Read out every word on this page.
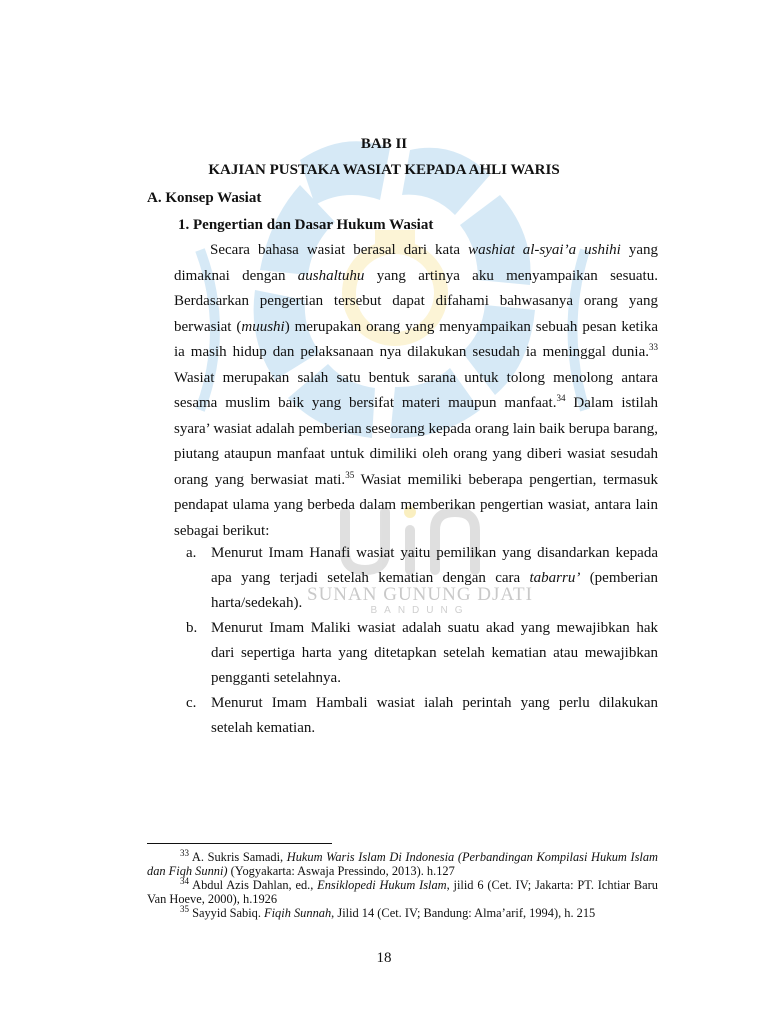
SUNAN GUNUNG DJATI
BANDUNG

BAB II

KAJIAN PUSTAKA WASIAT KEPADA AHLI WARIS

A. Konsep Wasiat

1. Pengertian dan Dasar Hukum Wasiat

Secara bahasa wasiat berasal dari kata washiat al-syai’a ushihi yang dimaknai dengan aushaltuhu yang artinya aku menyampaikan sesuatu. Berdasarkan pengertian tersebut dapat difahami bahwasanya orang yang berwasiat (muushi) merupakan orang yang menyampaikan sebuah pesan ketika ia masih hidup dan pelaksanaan nya dilakukan sesudah ia meninggal dunia.$^{33}$ Wasiat merupakan salah satu bentuk sarana untuk tolong menolong antara sesama muslim baik yang bersifat materi maupun manfaat.$^{34}$ Dalam istilah syara’ wasiat adalah pemberian seseorang kepada orang lain baik berupa barang, piutang ataupun manfaat untuk dimiliki oleh orang yang diberi wasiat sesudah orang yang berwasiat mati.$^{35}$ Wasiat memiliki beberapa pengertian, termasuk pendapat ulama yang berbeda dalam memberikan pengertian wasiat, antara lain sebagai berikut:

a. Menurut Imam Hanafi wasiat yaitu pemilikan yang disandarkan kepada apa yang terjadi setelah kematian dengan cara tabarru’ (pemberian harta/sedekah).
b. Menurut Imam Maliki wasiat adalah suatu akad yang mewajibkan hak dari sepertiga harta yang ditetapkan setelah kematian atau mewajibkan pengganti setelahnya.
c. Menurut Imam Hambali wasiat ialah perintah yang perlu dilakukan setelah kematian.

$^{33}$ A. Sukris Samadi, Hukum Waris Islam Di Indonesia (Perbandingan Kompilasi Hukum Islam dan Fiqh Sunni) (Yogyakarta: Aswaja Pressindo, 2013). h.127

$^{34}$ Abdul Azis Dahlan, ed., Ensiklopedi Hukum Islam, jilid 6 (Cet. IV; Jakarta: PT. Ichtiar Baru Van Hoeve, 2000), h.1926

$^{35}$ Sayyid Sabiq. Fiqih Sunnah, Jilid 14 (Cet. IV; Bandung: Alma’arif, 1994), h. 215

18
